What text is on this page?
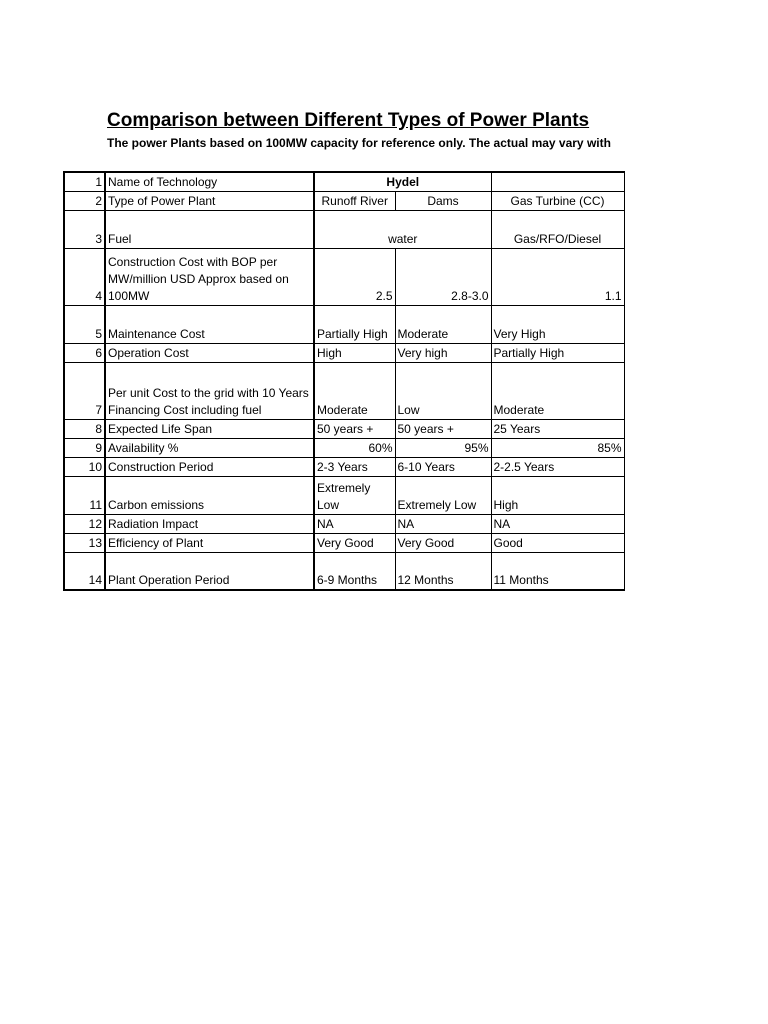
Comparison between Different Types of Power Plants

The power Plants based on 100MW capacity for reference only. The actual may vary with

1	Name of Technology	Hydel		
2	Type of Power Plant	Runoff River	Dams	Gas Turbine (CC)
3	Fuel	water		Gas/RFO/Diesel
4	Construction Cost with BOP per MW/million USD Approx based on 100MW	2.5	2.8-3.0	1.1
5	Maintenance Cost	Partially High	Moderate	Very High
6	Operation Cost	High	Very high	Partially High
7	Per unit Cost to the grid with 10 Years Financing Cost including fuel	Moderate	Low	Moderate
8	Expected Life Span	50 years +	50 years +	25 Years
9	Availability %	60%	95%	85%
10	Construction Period	2-3 Years	6-10 Years	2-2.5 Years
11	Carbon emissions	Extremely Low	Extremely Low	High
12	Radiation Impact	NA	NA	NA
13	Efficiency of Plant	Very Good	Very Good	Good
14	Plant Operation Period	6-9 Months	12 Months	11 Months
